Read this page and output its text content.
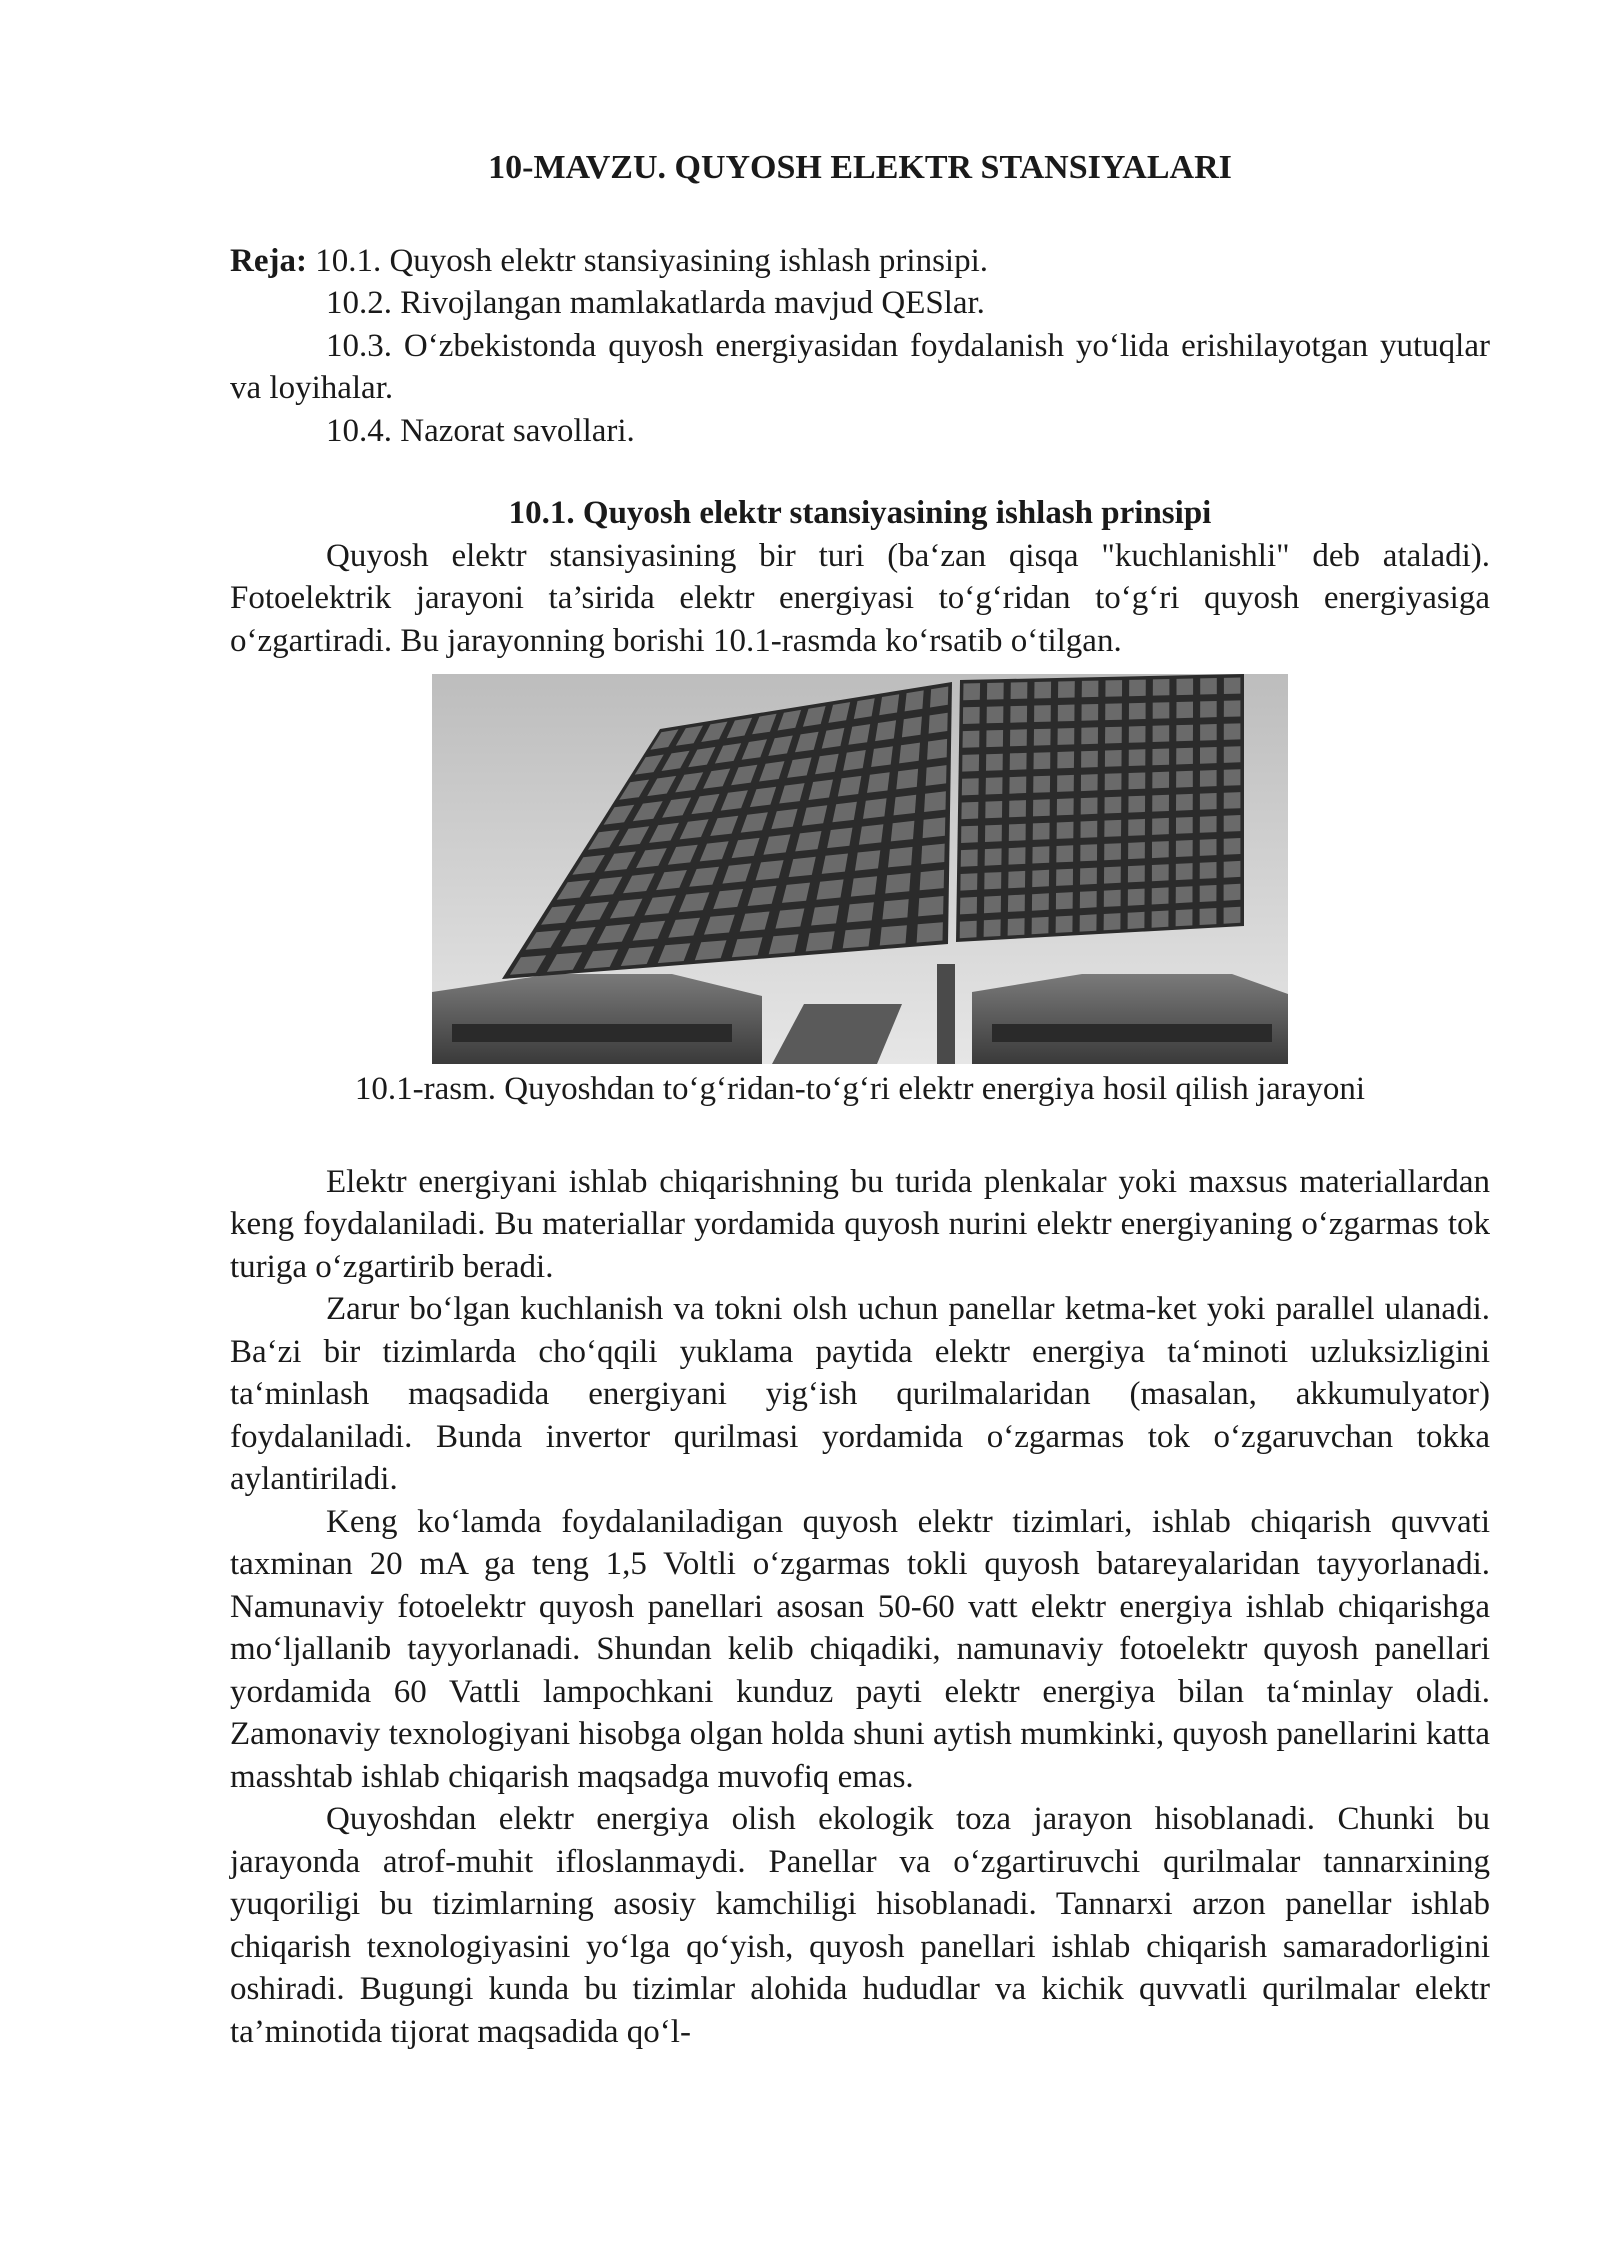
10-MAVZU. QUYOSH ELEKTR STANSIYALARI
Reja: 10.1. Quyosh elektr stansiyasining ishlash prinsipi.
10.2. Rivojlangan mamlakatlarda mavjud QESlar.
10.3. O‘zbekistonda quyosh energiyasidan foydalanish yo‘lida erishilayotgan yutuqlar va loyihalar.
10.4. Nazorat savollari.
10.1. Quyosh elektr stansiyasining ishlash prinsipi

Quyosh elektr stansiyasining bir turi (ba‘zan qisqa "kuchlanishli" deb ataladi). Fotoelektrik jarayoni ta’sirida elektr energiyasi to‘g‘ridan to‘g‘ri quyosh energiyasiga o‘zgartiradi. Bu jarayonning borishi 10.1-rasmda ko‘rsatib o‘tilgan.

10.1-rasm. Quyoshdan to‘g‘ridan-to‘g‘ri elektr energiya hosil qilish jarayoni

Elektr energiyani ishlab chiqarishning bu turida plenkalar yoki maxsus materiallardan keng foydalaniladi. Bu materiallar yordamida quyosh nurini elektr energiyaning o‘zgarmas tok turiga o‘zgartirib beradi.

Zarur bo‘lgan kuchlanish va tokni olsh uchun panellar ketma-ket yoki parallel ulanadi. Ba‘zi bir tizimlarda cho‘qqili yuklama paytida elektr energiya ta‘minoti uzluksizligini ta‘minlash maqsadida energiyani yig‘ish qurilmalaridan (masalan, akkumulyator) foydalaniladi. Bunda invertor qurilmasi yordamida o‘zgarmas tok o‘zgaruvchan tokka aylantiriladi.

Keng ko‘lamda foydalaniladigan quyosh elektr tizimlari, ishlab chiqarish quvvati taxminan 20 mA ga teng 1,5 Voltli o‘zgarmas tokli quyosh batareyalaridan tayyorlanadi. Namunaviy fotoelektr quyosh panellari asosan 50-60 vatt elektr energiya ishlab chiqarishga mo‘ljallanib tayyorlanadi. Shundan kelib chiqadiki, namunaviy fotoelektr quyosh panellari yordamida 60 Vattli lampochkani kunduz payti elektr energiya bilan ta‘minlay oladi. Zamonaviy texnologiyani hisobga olgan holda shuni aytish mumkinki, quyosh panellarini katta masshtab ishlab chiqarish maqsadga muvofiq emas.

Quyoshdan elektr energiya olish ekologik toza jarayon hisoblanadi. Chunki bu jarayonda atrof-muhit ifloslanmaydi. Panellar va o‘zgartiruvchi qurilmalar tannarxining yuqoriligi bu tizimlarning asosiy kamchiligi hisoblanadi. Tannarxi arzon panellar ishlab chiqarish texnologiyasini yo‘lga qo‘yish, quyosh panellari ishlab chiqarish samaradorligini oshiradi. Bugungi kunda bu tizimlar alohida hududlar va kichik quvvatli qurilmalar elektr ta’minotida tijorat maqsadida qo‘l-
